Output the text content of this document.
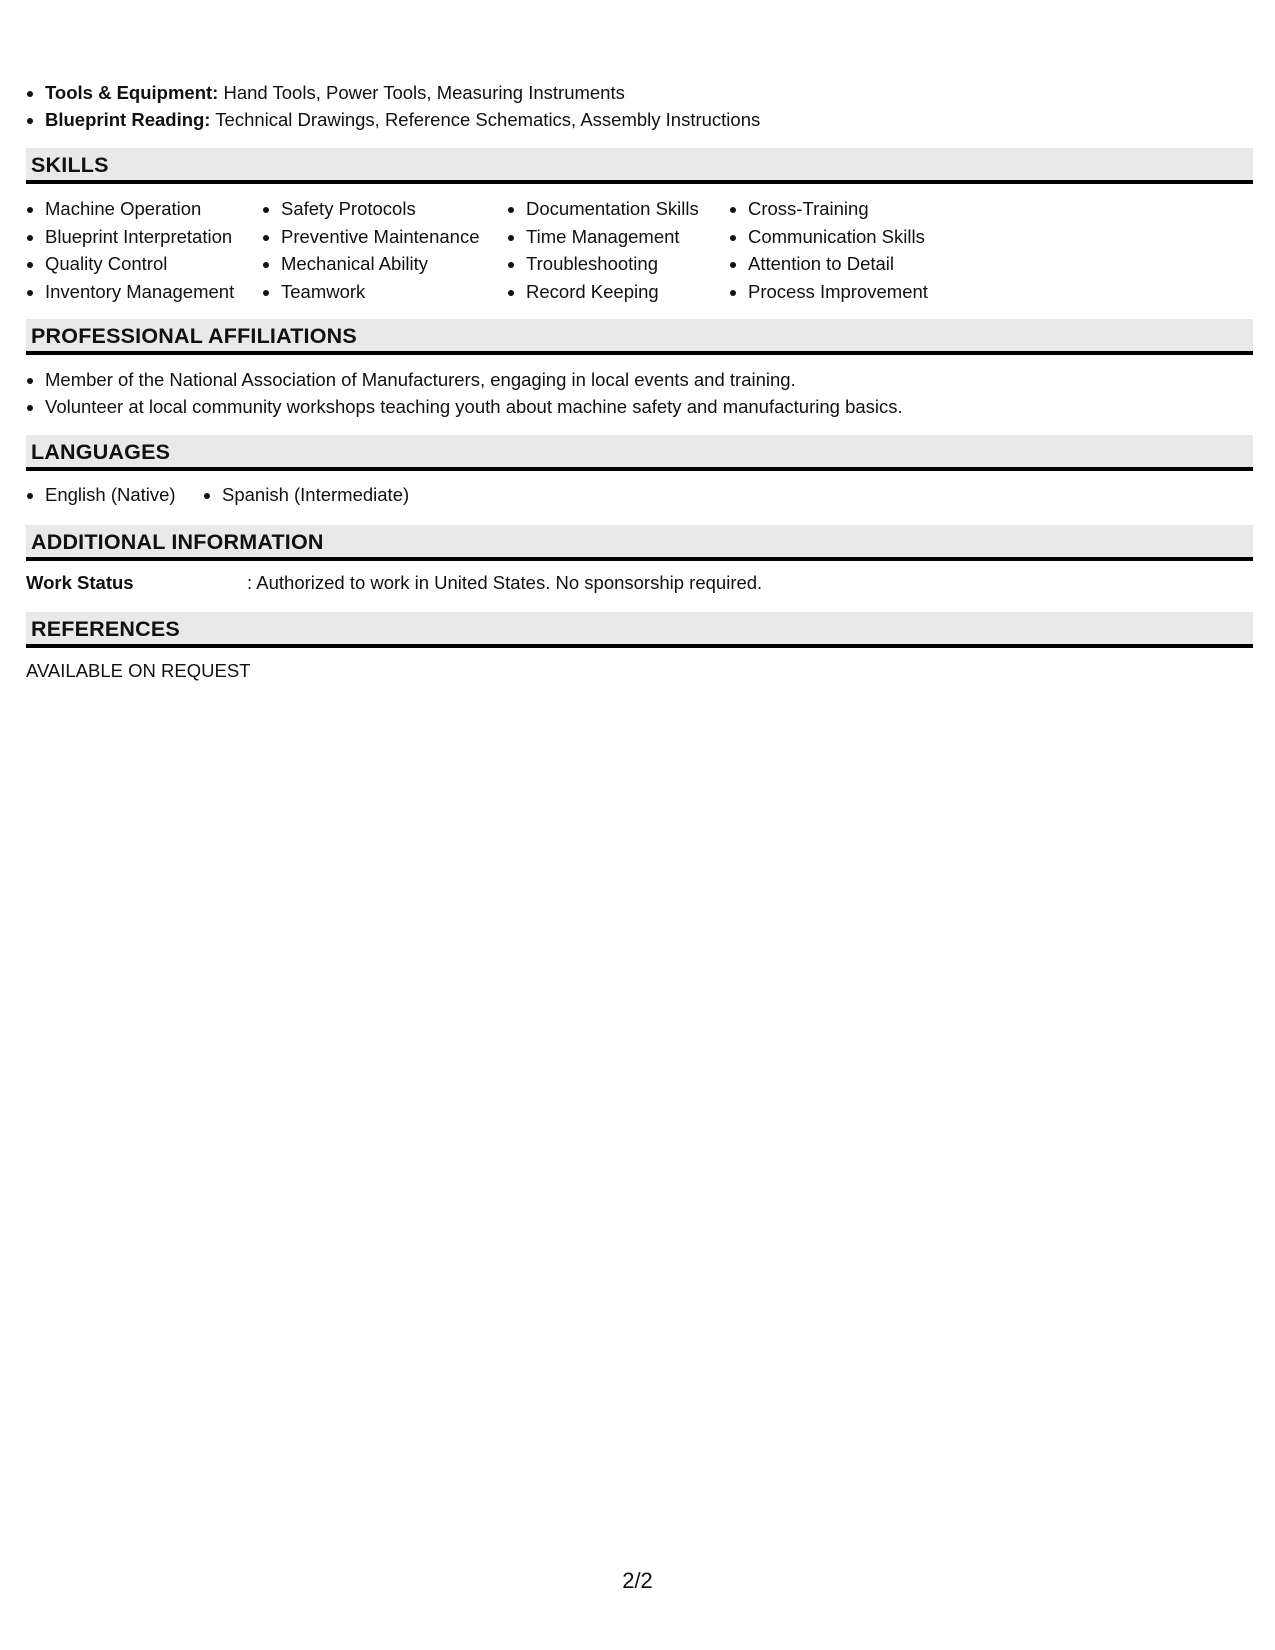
• Tools & Equipment: Hand Tools, Power Tools, Measuring Instruments
• Blueprint Reading: Technical Drawings, Reference Schematics, Assembly Instructions
SKILLS
• Machine Operation
• Blueprint Interpretation
• Quality Control
• Inventory Management
• Safety Protocols
• Preventive Maintenance
• Mechanical Ability
• Teamwork
• Documentation Skills
• Time Management
• Troubleshooting
• Record Keeping
• Cross-Training
• Communication Skills
• Attention to Detail
• Process Improvement
PROFESSIONAL AFFILIATIONS
• Member of the National Association of Manufacturers, engaging in local events and training.
• Volunteer at local community workshops teaching youth about machine safety and manufacturing basics.
LANGUAGES
• English (Native)
•	Spanish (Intermediate)
ADDITIONAL INFORMATION
Work Status	: Authorized to work in United States. No sponsorship required.
REFERENCES
AVAILABLE ON REQUEST
2/2
